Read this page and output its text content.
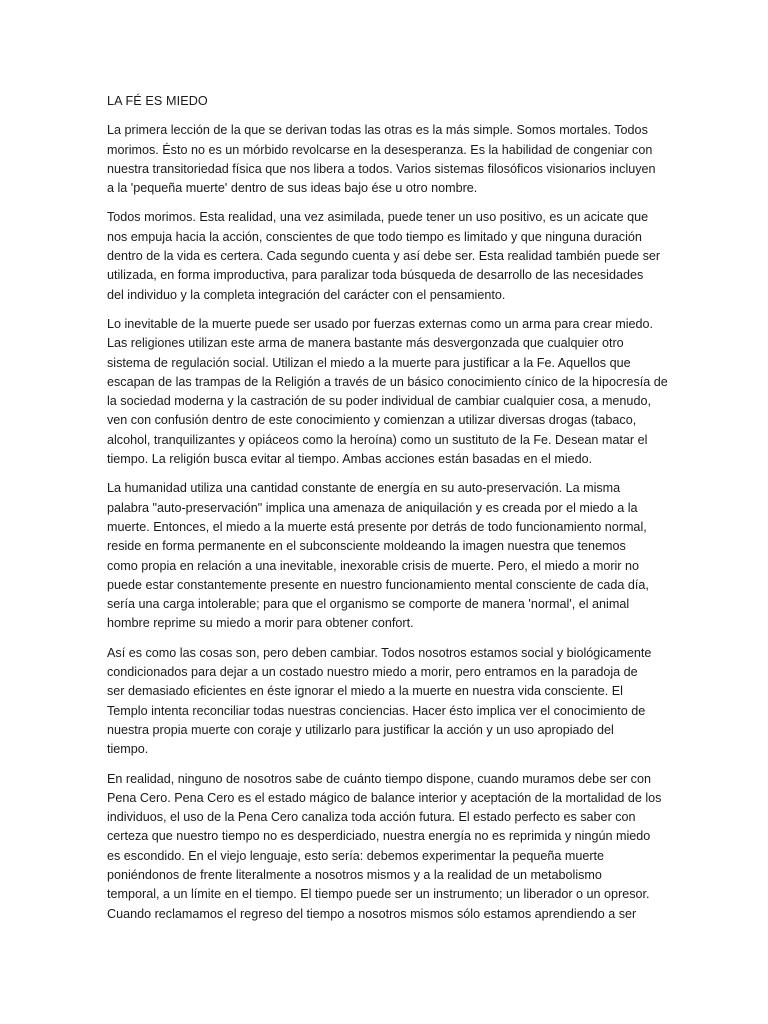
LA FÉ ES MIEDO

La primera lección de la que se derivan todas las otras es la más simple. Somos mortales. Todos
morimos. Ésto no es un mórbido revolcarse en la desesperanza. Es la habilidad de congeniar con
nuestra transitoriedad física que nos libera a todos. Varios sistemas filosóficos visionarios incluyen
a la 'pequeña muerte' dentro de sus ideas bajo ése u otro nombre.

Todos morimos. Esta realidad, una vez asimilada, puede tener un uso positivo, es un acicate que
nos empuja hacia la acción, conscientes de que todo tiempo es limitado y que ninguna duración
dentro de la vida es certera. Cada segundo cuenta y así debe ser. Esta realidad también puede ser
utilizada, en forma improductiva, para paralizar toda búsqueda de desarrollo de las necesidades
del individuo y la completa integración del carácter con el pensamiento.

Lo inevitable de la muerte puede ser usado por fuerzas externas como un arma para crear miedo.
Las religiones utilizan este arma de manera bastante más desvergonzada que cualquier otro
sistema de regulación social. Utilizan el miedo a la muerte para justificar a la Fe. Aquellos que
escapan de las trampas de la Religión a través de un básico conocimiento cínico de la hipocresía de
la sociedad moderna y la castración de su poder individual de cambiar cualquier cosa, a menudo,
ven con confusión dentro de este conocimiento y comienzan a utilizar diversas drogas (tabaco,
alcohol, tranquilizantes y opiáceos como la heroína) como un sustituto de la Fe. Desean matar el
tiempo. La religión busca evitar al tiempo. Ambas acciones están basadas en el miedo.

La humanidad utiliza una cantidad constante de energía en su auto-preservación. La misma
palabra "auto-preservación" implica una amenaza de aniquilación y es creada por el miedo a la
muerte. Entonces, el miedo a la muerte está presente por detrás de todo funcionamiento normal,
reside en forma permanente en el subconsciente moldeando la imagen nuestra que tenemos
como propia en relación a una inevitable, inexorable crisis de muerte. Pero, el miedo a morir no
puede estar constantemente presente en nuestro funcionamiento mental consciente de cada día,
sería una carga intolerable; para que el organismo se comporte de manera 'normal', el animal
hombre reprime su miedo a morir para obtener confort.

Así es como las cosas son, pero deben cambiar. Todos nosotros estamos social y biológicamente
condicionados para dejar a un costado nuestro miedo a morir, pero entramos en la paradoja de
ser demasiado eficientes en éste ignorar el miedo a la muerte en nuestra vida consciente. El
Templo intenta reconciliar todas nuestras conciencias. Hacer ésto implica ver el conocimiento de
nuestra propia muerte con coraje y utilizarlo para justificar la acción y un uso apropiado del
tiempo.

En realidad, ninguno de nosotros sabe de cuánto tiempo dispone, cuando muramos debe ser con
Pena Cero. Pena Cero es el estado mágico de balance interior y aceptación de la mortalidad de los
individuos, el uso de la Pena Cero canaliza toda acción futura. El estado perfecto es saber con
certeza que nuestro tiempo no es desperdiciado, nuestra energía no es reprimida y ningún miedo
es escondido. En el viejo lenguaje, esto sería: debemos experimentar la pequeña muerte
poniéndonos de frente literalmente a nosotros mismos y a la realidad de un metabolismo
temporal, a un límite en el tiempo. El tiempo puede ser un instrumento; un liberador o un opresor.
Cuando reclamamos el regreso del tiempo a nosotros mismos sólo estamos aprendiendo a ser
